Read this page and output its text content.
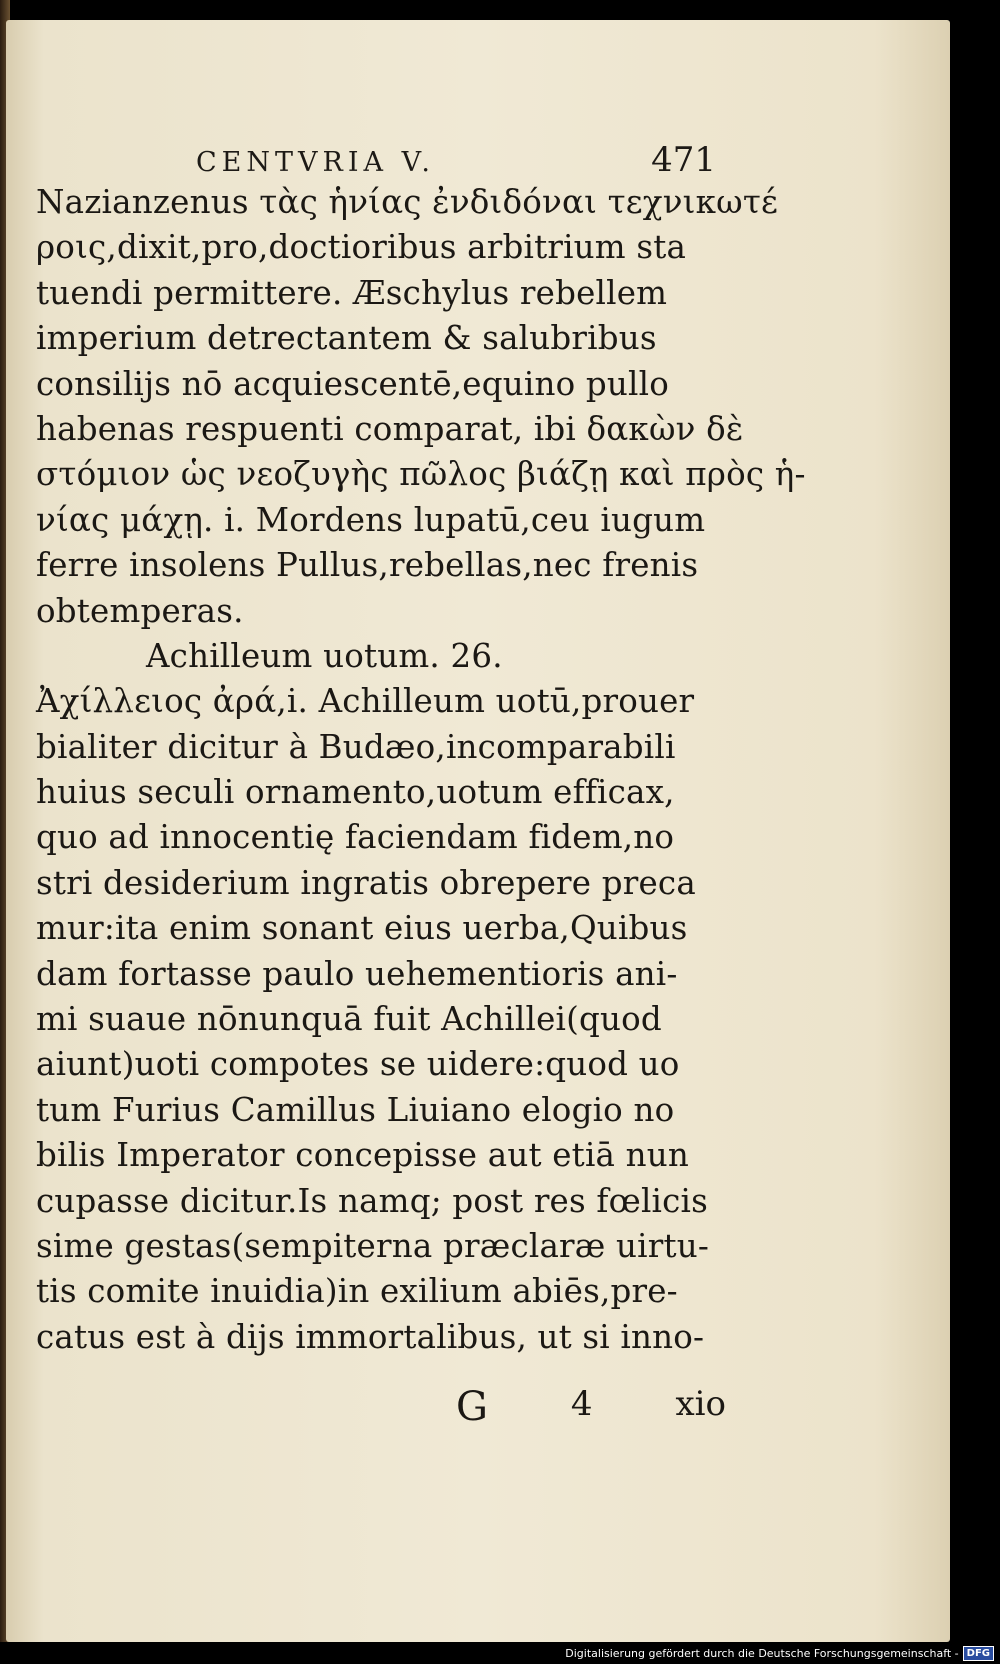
CENTVRIA V.	471
Nazianzenus τὰς ἡνίας ἐνδιδόναι τεχνικωτέ
ροις,dixit,pro,doctioribus arbitrium sta
tuendi permittere. Æschylus rebellem
imperium detrectantem & salubribus
consilijs nō acquiescentē,equino pullo
habenas respuenti comparat, ibi δακὼν δὲ
στόμιον ὡς νεοζυγὴς πῶλος βιάζῃ καὶ πρὸς ἡ-
νίας μάχῃ. i. Mordens lupatū,ceu iugum
ferre insolens Pullus,rebellas,nec frenis
obtemperas.
Achilleum uotum. 26.
Ἀχίλλειος ἀρά,i. Achilleum uotū,prouer
bialiter dicitur à Budæo,incomparabili
huius seculi ornamento,uotum efficax,
quo ad innocentię faciendam fidem,no
stri desiderium ingratis obrepere preca
mur:ita enim sonant eius uerba,Quibus
dam fortasse paulo uehementioris ani-
mi suaue nōnunquā fuit Achillei(quod
aiunt)uoti compotes se uidere:quod uo
tum Furius Camillus Liuiano elogio no
bilis Imperator concepisse aut etiā nun
cupasse dicitur.Is namq; post res fœlicis
sime gestas(sempiterna præclaræ uirtu-
tis comite inuidia)in exilium abiēs,pre-
catus est à dijs immortalibus, ut si inno-
G 4 xio
Digitalisierung gefördert durch die Deutsche Forschungsgemeinschaft - DFG
